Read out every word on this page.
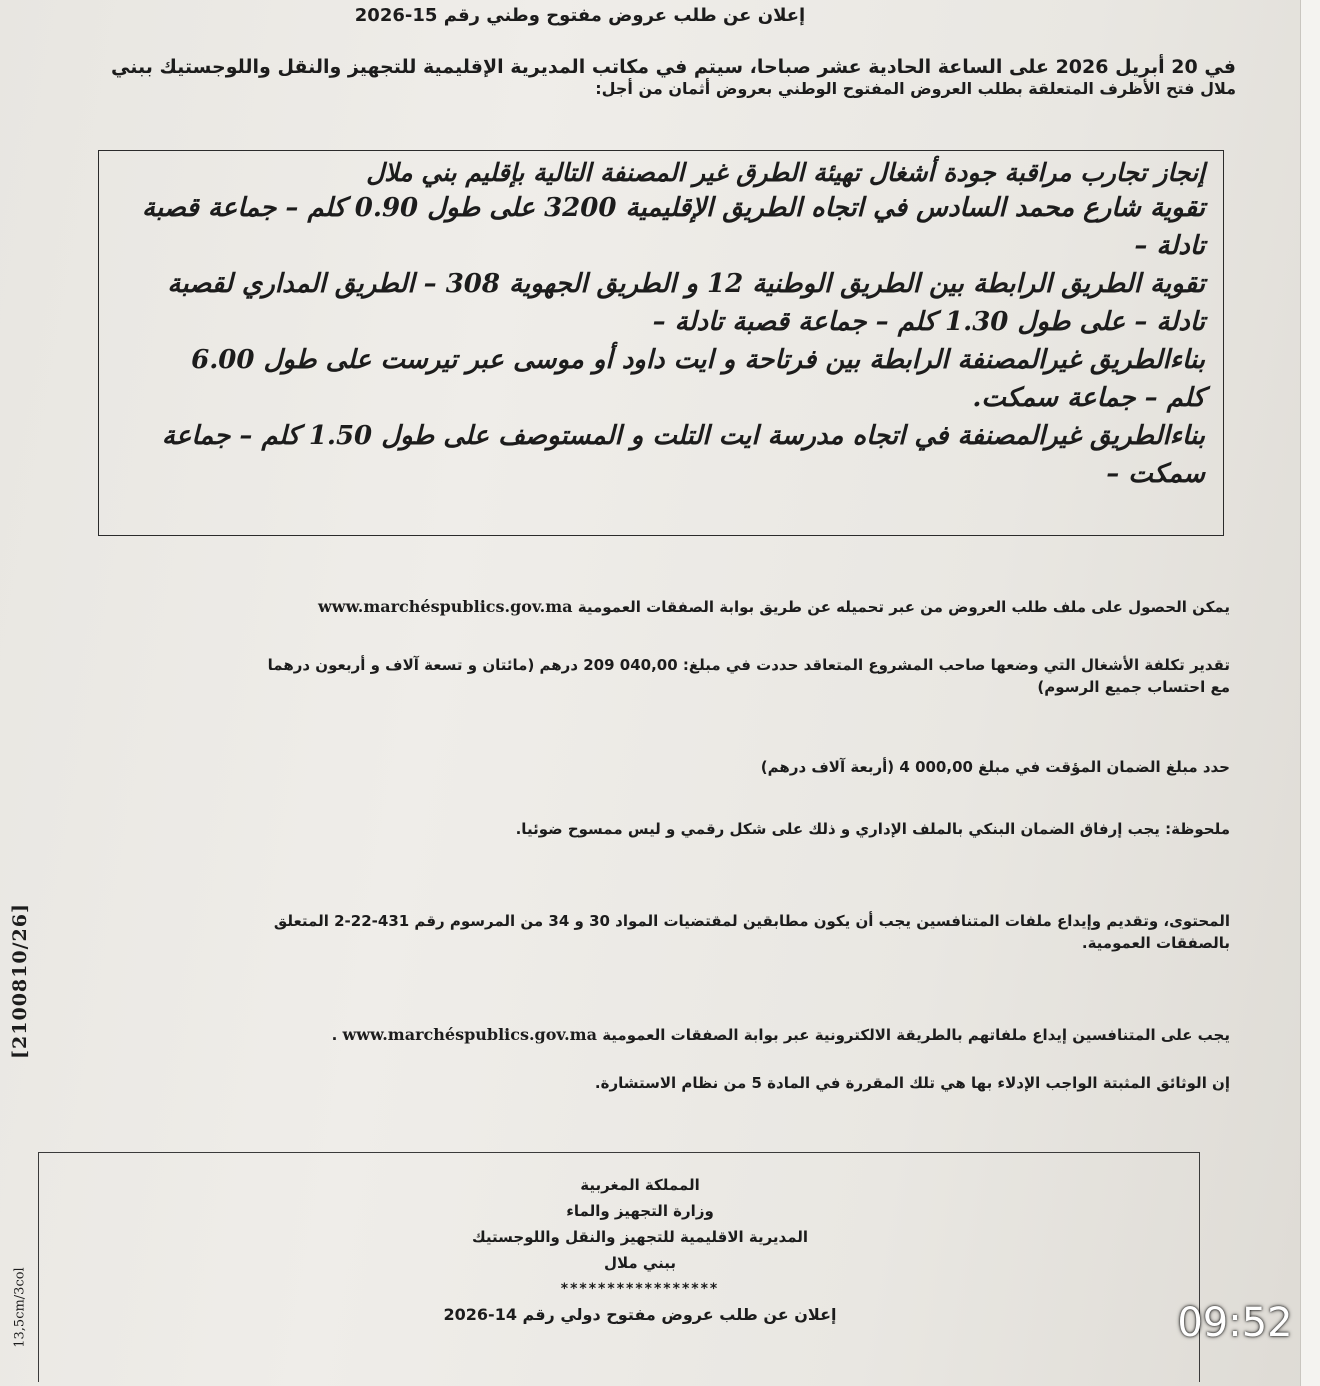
إعلان عن طلب عروض مفتوح وطني رقم 15-2026
في 20 أبريل 2026 على الساعة الحادية عشر صباحا، سيتم في مكاتب المديرية الإقليمية للتجهيز والنقل واللوجستيك ببني
ملال فتح الأظرف المتعلقة بطلب العروض المفتوح الوطني بعروض أثمان من أجل:
إنجاز تجارب مراقبة جودة أشغال تهيئة الطرق غير المصنفة التالية بإقليم بني ملال
تقوية شارع محمد السادس في اتجاه الطريق الإقليمية 3200 على طول 0.90 كلم – جماعة قصبة
تادلة –
تقوية الطريق الرابطة بين الطريق الوطنية 12 و الطريق الجهوية 308 – الطريق المداري لقصبة
تادلة – على طول 1.30 كلم – جماعة قصبة تادلة –
بناءالطريق غيرالمصنفة الرابطة بين فرتاحة و ايت داود أو موسى عبر تيرست على طول 6.00
كلم – جماعة سمكت.
بناءالطريق غيرالمصنفة في اتجاه مدرسة ايت التلت و المستوصف على طول 1.50 كلم – جماعة
سمكت –
يمكن الحصول على ملف طلب العروض من عبر تحميله عن طريق بوابة الصفقات العمومية www.marchéspublics.gov.ma
تقدير تكلفة الأشغال التي وضعها صاحب المشروع المتعاقد حددت في مبلغ: 040,00 209 درهم (مائتان و تسعة آلاف و أربعون درهما
مع احتساب جميع الرسوم)
حدد مبلغ الضمان المؤقت في مبلغ 000,00 4 (أربعة آلاف درهم)
ملحوظة: يجب إرفاق الضمان البنكي بالملف الإداري و ذلك على شكل رقمي و ليس ممسوح ضوئيا.
المحتوى، وتقديم وإيداع ملفات المتنافسين يجب أن يكون مطابقين لمقتضيات المواد 30 و 34 من المرسوم رقم 431-22-2 المتعلق
بالصفقات العمومية.
يجب على المتنافسين إيداع ملفاتهم بالطريقة الالكترونية عبر بوابة الصفقات العمومية www.marchéspublics.gov.ma .
إن الوثائق المثبتة الواجب الإدلاء بها هي تلك المقررة في المادة 5 من نظام الاستشارة.
[2100810/26]
13,5cm/3col
المملكة المغربية
وزارة التجهيز والماء
المديرية الاقليمية للتجهيز والنقل واللوجستيك
ببني ملال
*****************
إعلان عن طلب عروض مفتوح دولي رقم 14-2026	09:52
